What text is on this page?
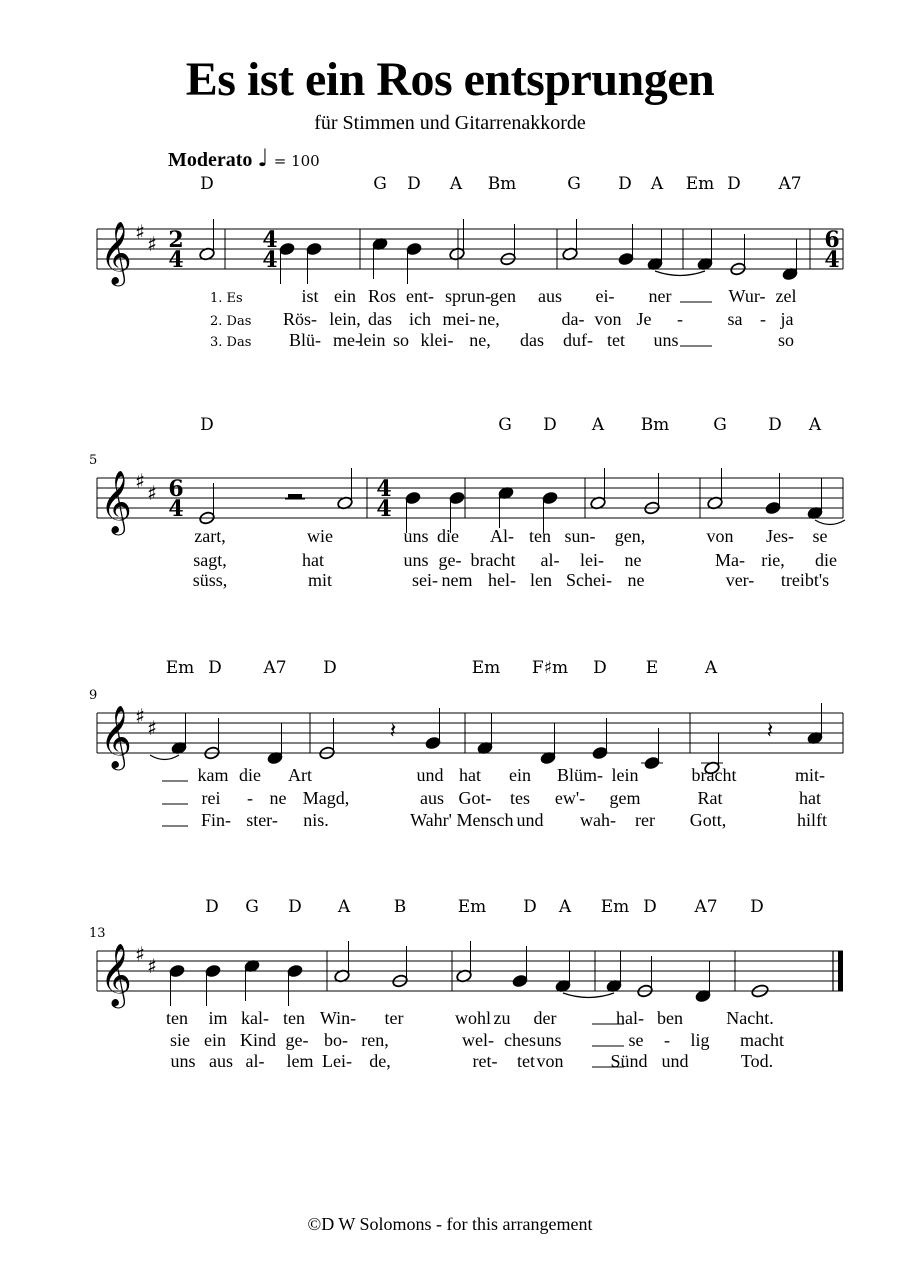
Es ist ein Ros entsprungen
für Stimmen und Gitarrenakkorde
Moderato ♩ = 100
©D W Solomons - for this arrangement
𝄞 ♯ ♯ 2
4
4
4
6
4
D	G D A Bm	G D A Em D A7
1. Es	ist ein Ros ent- sprun- gen aus ei- ner	Wur- zel
2. Das Rös- lein, das ich mei- ne,	da- von Je - sa - ja
3. Das Blü- me-
lein so klei- ne, das duf- tet uns	so
𝄞 ♯ ♯ 6
4
4
4
5
D	G D A Bm	G D A
zart,	wie	uns die Al- ten sun- gen,	von Jes- se
sagt,	hat	uns ge- bracht al- lei- ne	Ma- rie, die
süss,	mit	sei- nem hel- len Schei- ne	ver- treibt's
𝄞 ♯ ♯
9
Em D A7 D	Em F♯m D E	A
𝄽	𝄽
kam die Art	und hat ein Blüm- lein	bracht	mit-
rei - ne Magd,	aus Got- tes ew'- gem	Rat	hat
Fin- ster- nis.	Wahr' Mensch und wah- rer Gott,	hilft
𝄞 ♯ ♯
13
D G D A	B	Em D A Em D A7 D
ten im kal- ten Win- ter	wohl zu der	hal- ben Nacht.
sie ein Kind ge- bo- ren,	wel- ches uns	se - lig macht
uns aus al- lem Lei- de,	ret- tet von	Sünd und	Tod.
